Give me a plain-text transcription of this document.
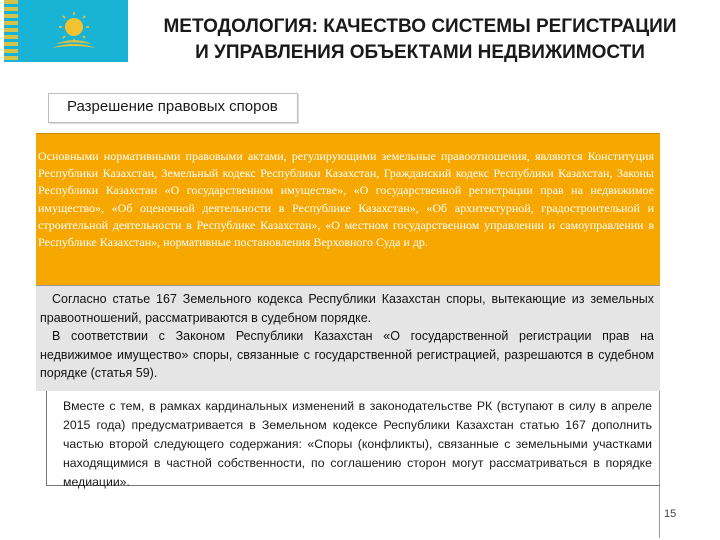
МЕТОДОЛОГИЯ: КАЧЕСТВО СИСТЕМЫ РЕГИСТРАЦИИ
И УПРАВЛЕНИЯ ОБЪЕКТАМИ НЕДВИЖИМОСТИ
Разрешение правовых споров
Основными нормативными правовыми актами, регулирующими земельные правоотношения, являются Конституция Республики Казахстан, Земельный кодекс Республики Казахстан, Гражданский кодекс Республики Казахстан, Законы Республики Казахстан «О государственном имуществе», «О государственной регистрации прав на недвижимое имущество», «Об оценочной деятельности в Республике Казахстан», «Об архитектурной, градостроительной и строительной деятельности в Республике Казахстан», «О местном государственном управлении и самоуправлении в Республике Казахстан», нормативные постановления Верховного Суда и др.

Согласно статье 167 Земельного кодекса Республики Казахстан споры, вытекающие из земельных правоотношений, рассматриваются в судебном порядке.

В соответствии с Законом Республики Казахстан «О государственной регистрации прав на недвижимое имущество» споры, связанные с государственной регистрацией, разрешаются в судебном порядке (статья 59).

Вместе с тем, в рамках кардинальных изменений в законодательстве РК (вступают в силу в апреле 2015 года) предусматривается в Земельном кодексе Республики Казахстан статью 167 дополнить частью второй следующего содержания: «Споры (конфликты), связанные с земельными участками находящимися в частной собственности, по соглашению сторон могут рассматриваться в порядке медиации».
15
